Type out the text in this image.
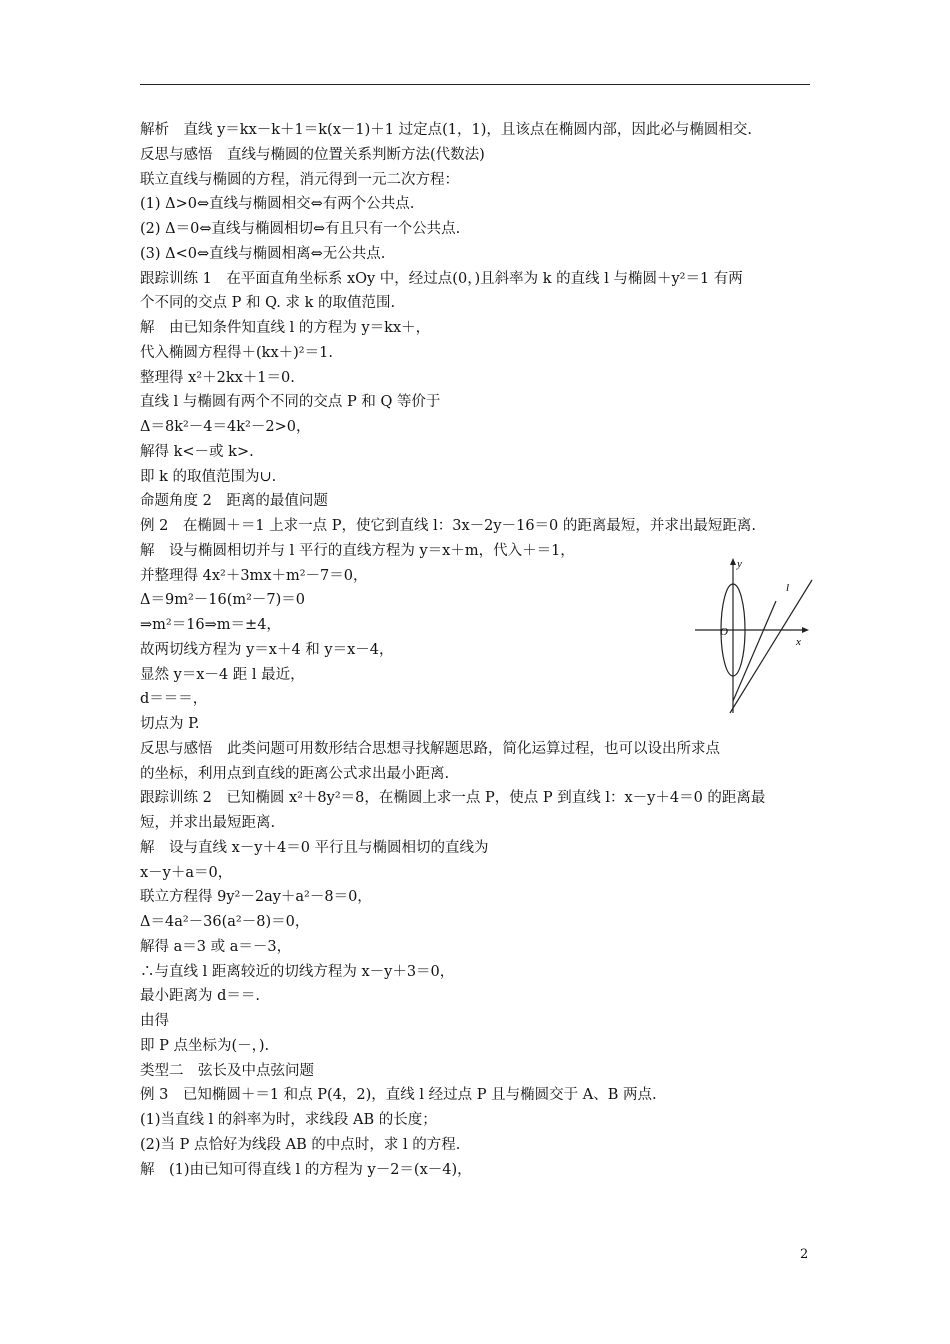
解析　直线 y＝kx－k＋1＝k(x－1)＋1 过定点(1，1)，且该点在椭圆内部，因此必与椭圆相交.
反思与感悟　直线与椭圆的位置关系判断方法(代数法)
联立直线与椭圆的方程，消元得到一元二次方程：
(1) Δ>0⇔直线与椭圆相交⇔有两个公共点.
(2) Δ＝0⇔直线与椭圆相切⇔有且只有一个公共点.
(3) Δ<0⇔直线与椭圆相离⇔无公共点.
跟踪训练 1　在平面直角坐标系 xOy 中，经过点(0，)且斜率为 k 的直线 l 与椭圆＋y²＝1 有两
个不同的交点 P 和 Q. 求 k 的取值范围.
解　由已知条件知直线 l 的方程为 y＝kx＋，
代入椭圆方程得＋(kx＋)²＝1.
整理得 x²＋2kx＋1＝0.
直线 l 与椭圆有两个不同的交点 P 和 Q 等价于
Δ＝8k²－4＝4k²－2>0，
解得 k<－或 k>.
即 k 的取值范围为∪.
命题角度 2　距离的最值问题
例 2　在椭圆＋＝1 上求一点 P，使它到直线 l：3x－2y－16＝0 的距离最短，并求出最短距离.
解　设与椭圆相切并与 l 平行的直线方程为 y＝x＋m，代入＋＝1，
并整理得 4x²＋3mx＋m²－7＝0，
Δ＝9m²－16(m²－7)＝0
⇒m²＝16⇒m＝±4，
故两切线方程为 y＝x＋4 和 y＝x－4，
显然 y＝x－4 距 l 最近，
d＝＝＝，
切点为 P.
反思与感悟　此类问题可用数形结合思想寻找解题思路，简化运算过程，也可以设出所求点
的坐标，利用点到直线的距离公式求出最小距离.
跟踪训练 2　已知椭圆 x²＋8y²＝8，在椭圆上求一点 P，使点 P 到直线 l：x－y＋4＝0 的距离最
短，并求出最短距离.
解　设与直线 x－y＋4＝0 平行且与椭圆相切的直线为
x－y＋a＝0，
联立方程得 9y²－2ay＋a²－8＝0，
Δ＝4a²－36(a²－8)＝0，
解得 a＝3 或 a＝－3，
∴与直线 l 距离较近的切线方程为 x－y＋3＝0，
最小距离为 d＝＝.
由得
即 P 点坐标为(－，).
类型二　弦长及中点弦问题
例 3　已知椭圆＋＝1 和点 P(4，2)，直线 l 经过点 P 且与椭圆交于 A、B 两点.
(1)当直线 l 的斜率为时，求线段 AB 的长度；
(2)当 P 点恰好为线段 AB 的中点时，求 l 的方程.
解　(1)由已知可得直线 l 的方程为 y－2＝(x－4)，
y
x
O
l
2
